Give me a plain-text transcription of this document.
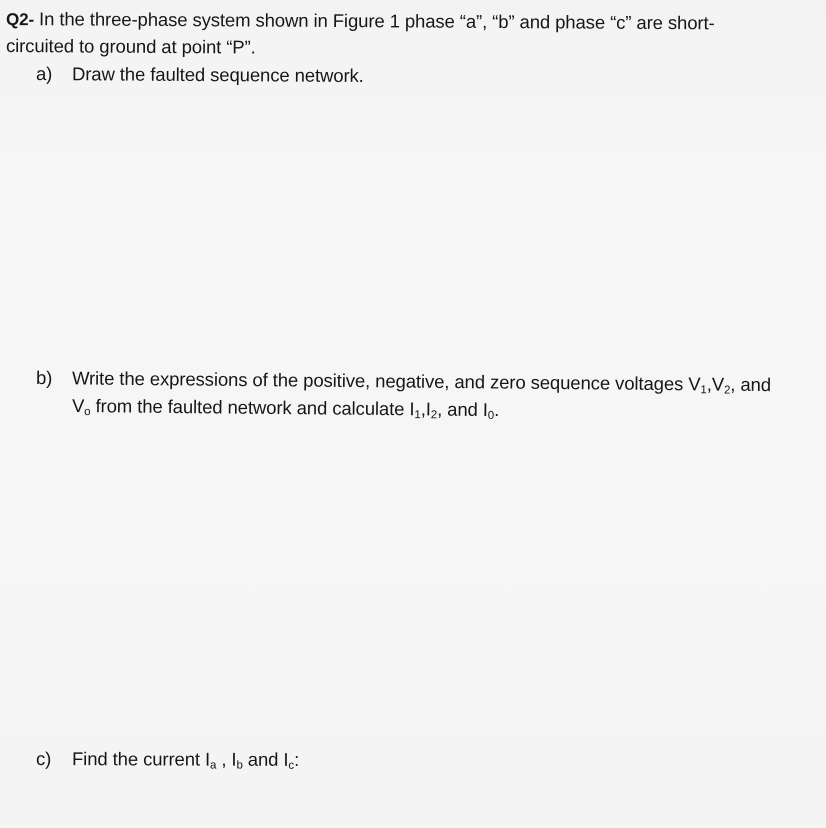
Q2- In the three-phase system shown in Figure 1 phase “a”, “b” and phase “c” are short-
circuited to ground at point “P”.
a) Draw the faulted sequence network.
b) Write the expressions of the positive, negative, and zero sequence voltages $V_1,V_2$, and
$V_o$ from the faulted network and calculate $I_1,I_2$, and $I_0$.
c) Find the current $I_a$ , $I_b$ and $I_c$:
